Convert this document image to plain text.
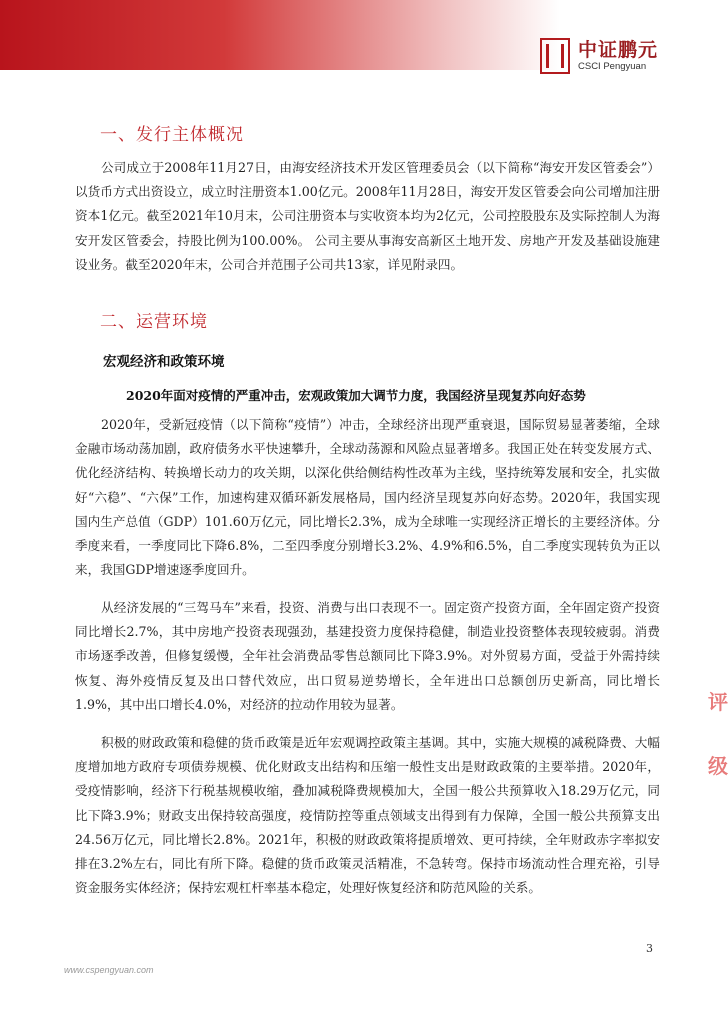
中证鹏元
CSCI Pengyuan
一、发行主体概况
公司成立于2008年11月27日，由海安经济技术开发区管理委员会（以下简称“海安开发区管委会”）以货币方式出资设立，成立时注册资本1.00亿元。2008年11月28日，海安开发区管委会向公司增加注册资本1亿元。截至2021年10月末，公司注册资本与实收资本均为2亿元，公司控股股东及实际控制人为海安开发区管委会，持股比例为100.00%。 公司主要从事海安高新区土地开发、房地产开发及基础设施建设业务。截至2020年末，公司合并范围子公司共13家，详见附录四。
二、运营环境
宏观经济和政策环境
2020年面对疫情的严重冲击，宏观政策加大调节力度，我国经济呈现复苏向好态势
2020年，受新冠疫情（以下简称“疫情”）冲击，全球经济出现严重衰退，国际贸易显著萎缩，全球金融市场动荡加剧，政府债务水平快速攀升，全球动荡源和风险点显著增多。我国正处在转变发展方式、优化经济结构、转换增长动力的攻关期，以深化供给侧结构性改革为主线，坚持统筹发展和安全，扎实做好“六稳”、“六保”工作，加速构建双循环新发展格局，国内经济呈现复苏向好态势。2020年，我国实现国内生产总值（GDP）101.60万亿元，同比增长2.3%，成为全球唯一实现经济正增长的主要经济体。分季度来看，一季度同比下降6.8%，二至四季度分别增长3.2%、4.9%和6.5%，自二季度实现转负为正以来，我国GDP增速逐季度回升。
从经济发展的“三驾马车”来看，投资、消费与出口表现不一。固定资产投资方面，全年固定资产投资同比增长2.7%，其中房地产投资表现强劲，基建投资力度保持稳健，制造业投资整体表现较疲弱。消费市场逐季改善，但修复缓慢，全年社会消费品零售总额同比下降3.9%。对外贸易方面，受益于外需持续恢复、海外疫情反复及出口替代效应，出口贸易逆势增长，全年进出口总额创历史新高，同比增长1.9%，其中出口增长4.0%，对经济的拉动作用较为显著。
积极的财政政策和稳健的货币政策是近年宏观调控政策主基调。其中，实施大规模的减税降费、大幅度增加地方政府专项债券规模、优化财政支出结构和压缩一般性支出是财政政策的主要举措。2020年，受疫情影响，经济下行税基规模收缩，叠加减税降费规模加大，全国一般公共预算收入18.29万亿元，同比下降3.9%；财政支出保持较高强度，疫情防控等重点领域支出得到有力保障，全国一般公共预算支出24.56万亿元，同比增长2.8%。2021年，积极的财政政策将提质增效、更可持续，全年财政赤字率拟安排在3.2%左右，同比有所下降。稳健的货币政策灵活精准，不急转弯。保持市场流动性合理充裕，引导资金服务实体经济；保持宏观杠杆率基本稳定，处理好恢复经济和防范风险的关系。
评
级
3
www.cspengyuan.com
